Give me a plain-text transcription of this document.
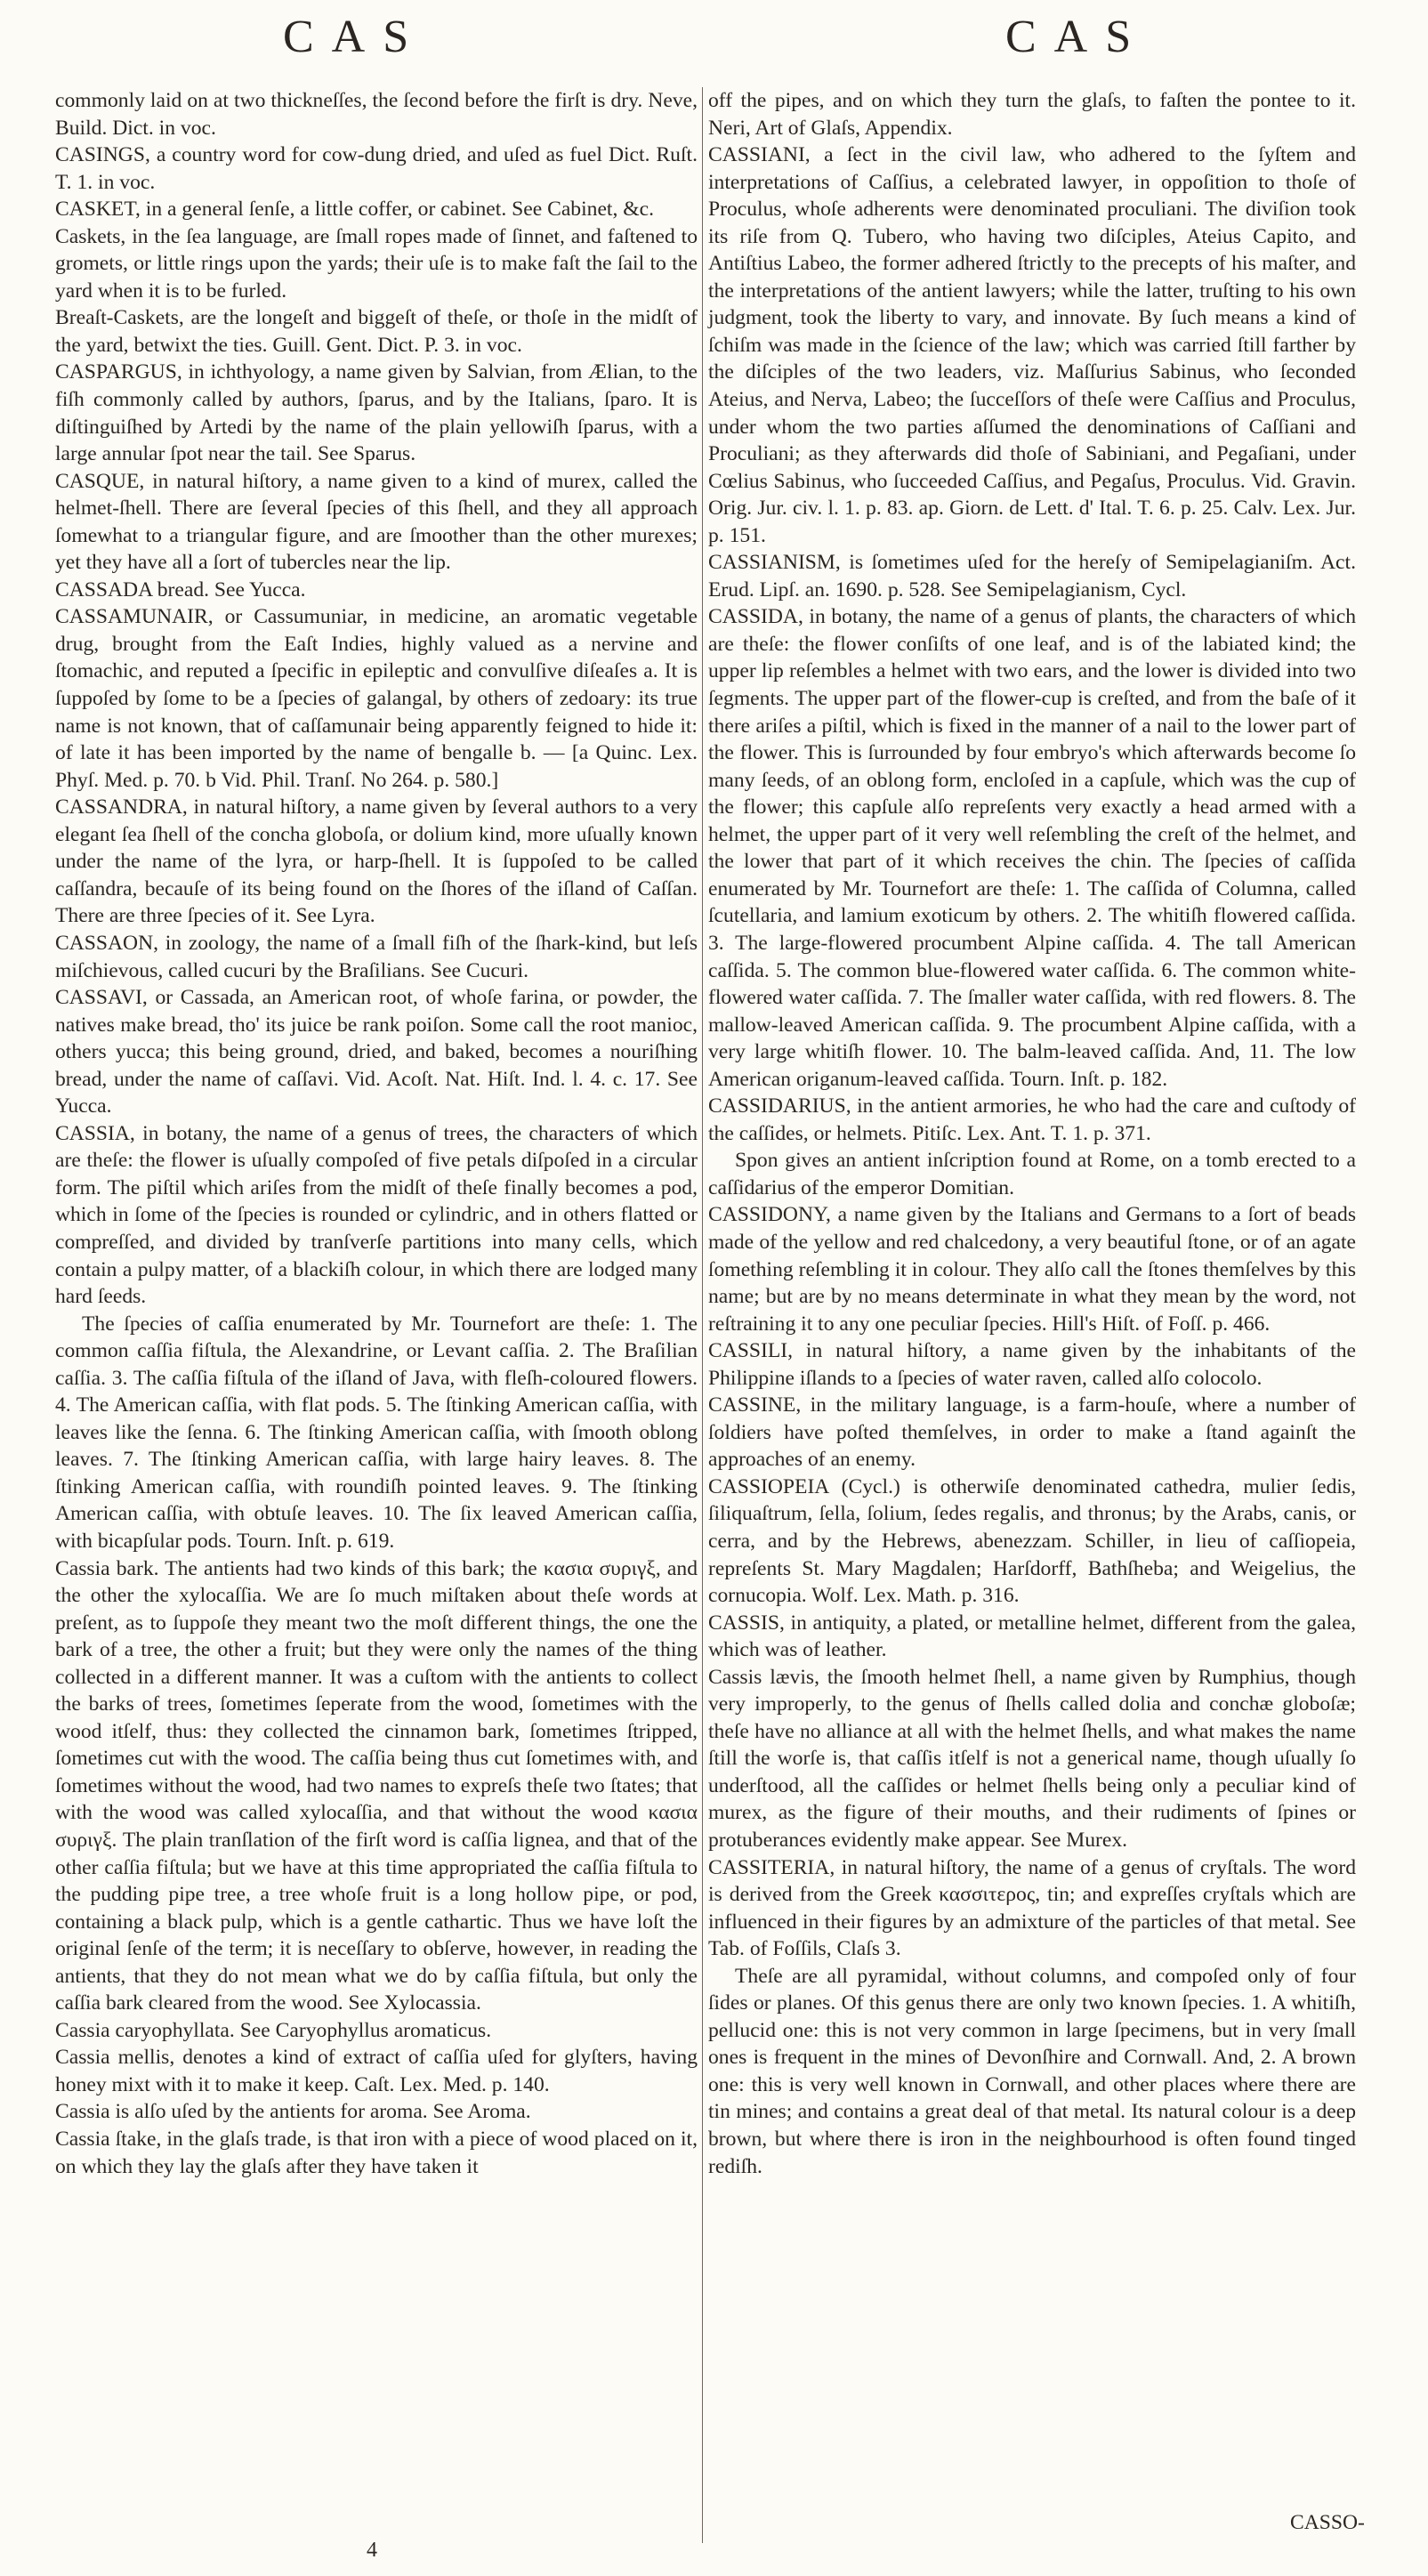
CAS	CAS

commonly laid on at two thickneſſes, the ſecond before the firſt is dry. Neve, Build. Dict. in voc.

CASINGS, a country word for cow-dung dried, and uſed as fuel Dict. Ruſt. T. 1. in voc.

CASKET, in a general ſenſe, a little coffer, or cabinet. See Cabinet, &c.

Caskets, in the ſea language, are ſmall ropes made of ſinnet, and faſtened to gromets, or little rings upon the yards; their uſe is to make faſt the ſail to the yard when it is to be furled.

Breaſt-Caskets, are the longeſt and biggeſt of theſe, or thoſe in the midſt of the yard, betwixt the ties. Guill. Gent. Dict. P. 3. in voc.

CASPARGUS, in ichthyology, a name given by Salvian, from Ælian, to the fiſh commonly called by authors, ſparus, and by the Italians, ſparo. It is diſtinguiſhed by Artedi by the name of the plain yellowiſh ſparus, with a large annular ſpot near the tail. See Sparus.

CASQUE, in natural hiſtory, a name given to a kind of murex, called the helmet-ſhell. There are ſeveral ſpecies of this ſhell, and they all approach ſomewhat to a triangular figure, and are ſmoother than the other murexes; yet they have all a ſort of tubercles near the lip.

CASSADA bread. See Yucca.

CASSAMUNAIR, or Cassumuniar, in medicine, an aromatic vegetable drug, brought from the Eaſt Indies, highly valued as a nervine and ſtomachic, and reputed a ſpecific in epileptic and convulſive diſeaſes a. It is ſuppoſed by ſome to be a ſpecies of galangal, by others of zedoary: its true name is not known, that of caſſamunair being apparently feigned to hide it: of late it has been imported by the name of bengalle b. — [a Quinc. Lex. Phyſ. Med. p. 70. b Vid. Phil. Tranſ. No 264. p. 580.]

CASSANDRA, in natural hiſtory, a name given by ſeveral authors to a very elegant ſea ſhell of the concha globoſa, or dolium kind, more uſually known under the name of the lyra, or harp-ſhell. It is ſuppoſed to be called caſſandra, becauſe of its being found on the ſhores of the iſland of Caſſan. There are three ſpecies of it. See Lyra.

CASSAON, in zoology, the name of a ſmall fiſh of the ſhark-kind, but leſs miſchievous, called cucuri by the Braſilians. See Cucuri.

CASSAVI, or Cassada, an American root, of whoſe farina, or powder, the natives make bread, tho' its juice be rank poiſon. Some call the root manioc, others yucca; this being ground, dried, and baked, becomes a nouriſhing bread, under the name of caſſavi. Vid. Acoſt. Nat. Hiſt. Ind. l. 4. c. 17. See Yucca.

CASSIA, in botany, the name of a genus of trees, the characters of which are theſe: the flower is uſually compoſed of five petals diſpoſed in a circular form. The piſtil which ariſes from the midſt of theſe finally becomes a pod, which in ſome of the ſpecies is rounded or cylindric, and in others flatted or compreſſed, and divided by tranſverſe partitions into many cells, which contain a pulpy matter, of a blackiſh colour, in which there are lodged many hard ſeeds.

The ſpecies of caſſia enumerated by Mr. Tournefort are theſe: 1. The common caſſia fiſtula, the Alexandrine, or Levant caſſia. 2. The Braſilian caſſia. 3. The caſſia fiſtula of the iſland of Java, with fleſh-coloured flowers. 4. The American caſſia, with flat pods. 5. The ſtinking American caſſia, with leaves like the ſenna. 6. The ſtinking American caſſia, with ſmooth oblong leaves. 7. The ſtinking American caſſia, with large hairy leaves. 8. The ſtinking American caſſia, with roundiſh pointed leaves. 9. The ſtinking American caſſia, with obtuſe leaves. 10. The ſix leaved American caſſia, with bicapſular pods. Tourn. Inſt. p. 619.

Cassia bark. The antients had two kinds of this bark; the κασια συριγξ, and the other the xylocaſſia. We are ſo much miſtaken about theſe words at preſent, as to ſuppoſe they meant two the moſt different things, the one the bark of a tree, the other a fruit; but they were only the names of the thing collected in a different manner. It was a cuſtom with the antients to collect the barks of trees, ſometimes ſeperate from the wood, ſometimes with the wood itſelf, thus: they collected the cinnamon bark, ſometimes ſtripped, ſometimes cut with the wood. The caſſia being thus cut ſometimes with, and ſometimes without the wood, had two names to expreſs theſe two ſtates; that with the wood was called xylocaſſia, and that without the wood κασια συριγξ. The plain tranſlation of the firſt word is caſſia lignea, and that of the other caſſia fiſtula; but we have at this time appropriated the caſſia fiſtula to the pudding pipe tree, a tree whoſe fruit is a long hollow pipe, or pod, containing a black pulp, which is a gentle cathartic. Thus we have loſt the original ſenſe of the term; it is neceſſary to obſerve, however, in reading the antients, that they do not mean what we do by caſſia fiſtula, but only the caſſia bark cleared from the wood. See Xylocassia.

Cassia caryophyllata. See Caryophyllus aromaticus.

Cassia mellis, denotes a kind of extract of caſſia uſed for glyſters, having honey mixt with it to make it keep. Caſt. Lex. Med. p. 140.

Cassia is alſo uſed by the antients for aroma. See Aroma.

Cassia ſtake, in the glaſs trade, is that iron with a piece of wood placed on it, on which they lay the glaſs after they have taken it

off the pipes, and on which they turn the glaſs, to faſten the pontee to it. Neri, Art of Glaſs, Appendix.

CASSIANI, a ſect in the civil law, who adhered to the ſyſtem and interpretations of Caſſius, a celebrated lawyer, in oppoſition to thoſe of Proculus, whoſe adherents were denominated proculiani. The diviſion took its riſe from Q. Tubero, who having two diſciples, Ateius Capito, and Antiſtius Labeo, the former adhered ſtrictly to the precepts of his maſter, and the interpretations of the antient lawyers; while the latter, truſting to his own judgment, took the liberty to vary, and innovate. By ſuch means a kind of ſchiſm was made in the ſcience of the law; which was carried ſtill farther by the diſciples of the two leaders, viz. Maſſurius Sabinus, who ſeconded Ateius, and Nerva, Labeo; the ſucceſſors of theſe were Caſſius and Proculus, under whom the two parties aſſumed the denominations of Caſſiani and Proculiani; as they afterwards did thoſe of Sabiniani, and Pegaſiani, under Cœlius Sabinus, who ſucceeded Caſſius, and Pegaſus, Proculus. Vid. Gravin. Orig. Jur. civ. l. 1. p. 83. ap. Giorn. de Lett. d' Ital. T. 6. p. 25. Calv. Lex. Jur. p. 151.

CASSIANISM, is ſometimes uſed for the hereſy of Semipelagianiſm. Act. Erud. Lipſ. an. 1690. p. 528. See Semipelagianism, Cycl.

CASSIDA, in botany, the name of a genus of plants, the characters of which are theſe: the flower conſiſts of one leaf, and is of the labiated kind; the upper lip reſembles a helmet with two ears, and the lower is divided into two ſegments. The upper part of the flower-cup is creſted, and from the baſe of it there ariſes a piſtil, which is fixed in the manner of a nail to the lower part of the flower. This is ſurrounded by four embryo's which afterwards become ſo many ſeeds, of an oblong form, encloſed in a capſule, which was the cup of the flower; this capſule alſo repreſents very exactly a head armed with a helmet, the upper part of it very well reſembling the creſt of the helmet, and the lower that part of it which receives the chin. The ſpecies of caſſida enumerated by Mr. Tournefort are theſe: 1. The caſſida of Columna, called ſcutellaria, and lamium exoticum by others. 2. The whitiſh flowered caſſida. 3. The large-flowered procumbent Alpine caſſida. 4. The tall American caſſida. 5. The common blue-flowered water caſſida. 6. The common white-flowered water caſſida. 7. The ſmaller water caſſida, with red flowers. 8. The mallow-leaved American caſſida. 9. The procumbent Alpine caſſida, with a very large whitiſh flower. 10. The balm-leaved caſſida. And, 11. The low American origanum-leaved caſſida. Tourn. Inſt. p. 182.

CASSIDARIUS, in the antient armories, he who had the care and cuſtody of the caſſides, or helmets. Pitiſc. Lex. Ant. T. 1. p. 371.

Spon gives an antient inſcription found at Rome, on a tomb erected to a caſſidarius of the emperor Domitian.

CASSIDONY, a name given by the Italians and Germans to a ſort of beads made of the yellow and red chalcedony, a very beautiful ſtone, or of an agate ſomething reſembling it in colour. They alſo call the ſtones themſelves by this name; but are by no means determinate in what they mean by the word, not reſtraining it to any one peculiar ſpecies. Hill's Hiſt. of Foſſ. p. 466.

CASSILI, in natural hiſtory, a name given by the inhabitants of the Philippine iſlands to a ſpecies of water raven, called alſo colocolo.

CASSINE, in the military language, is a farm-houſe, where a number of ſoldiers have poſted themſelves, in order to make a ſtand againſt the approaches of an enemy.

CASSIOPEIA (Cycl.) is otherwiſe denominated cathedra, mulier ſedis, ſiliquaſtrum, ſella, ſolium, ſedes regalis, and thronus; by the Arabs, canis, or cerra, and by the Hebrews, abenezzam. Schiller, in lieu of caſſiopeia, repreſents St. Mary Magdalen; Harſdorff, Bathſheba; and Weigelius, the cornucopia. Wolf. Lex. Math. p. 316.

CASSIS, in antiquity, a plated, or metalline helmet, different from the galea, which was of leather.

Cassis lævis, the ſmooth helmet ſhell, a name given by Rumphius, though very improperly, to the genus of ſhells called dolia and conchæ globoſæ; theſe have no alliance at all with the helmet ſhells, and what makes the name ſtill the worſe is, that caſſis itſelf is not a generical name, though uſually ſo underſtood, all the caſſides or helmet ſhells being only a peculiar kind of murex, as the figure of their mouths, and their rudiments of ſpines or protuberances evidently make appear. See Murex.

CASSITERIA, in natural hiſtory, the name of a genus of cryſtals. The word is derived from the Greek κασσιτερος, tin; and expreſſes cryſtals which are influenced in their figures by an admixture of the particles of that metal. See Tab. of Foſſils, Claſs 3.

Theſe are all pyramidal, without columns, and compoſed only of four ſides or planes. Of this genus there are only two known ſpecies. 1. A whitiſh, pellucid one: this is not very common in large ſpecimens, but in very ſmall ones is frequent in the mines of Devonſhire and Cornwall. And, 2. A brown one: this is very well known in Cornwall, and other places where there are tin mines; and contains a great deal of that metal. Its natural colour is a deep brown, but where there is iron in the neighbourhood is often found tinged rediſh.

CASSO-
4
